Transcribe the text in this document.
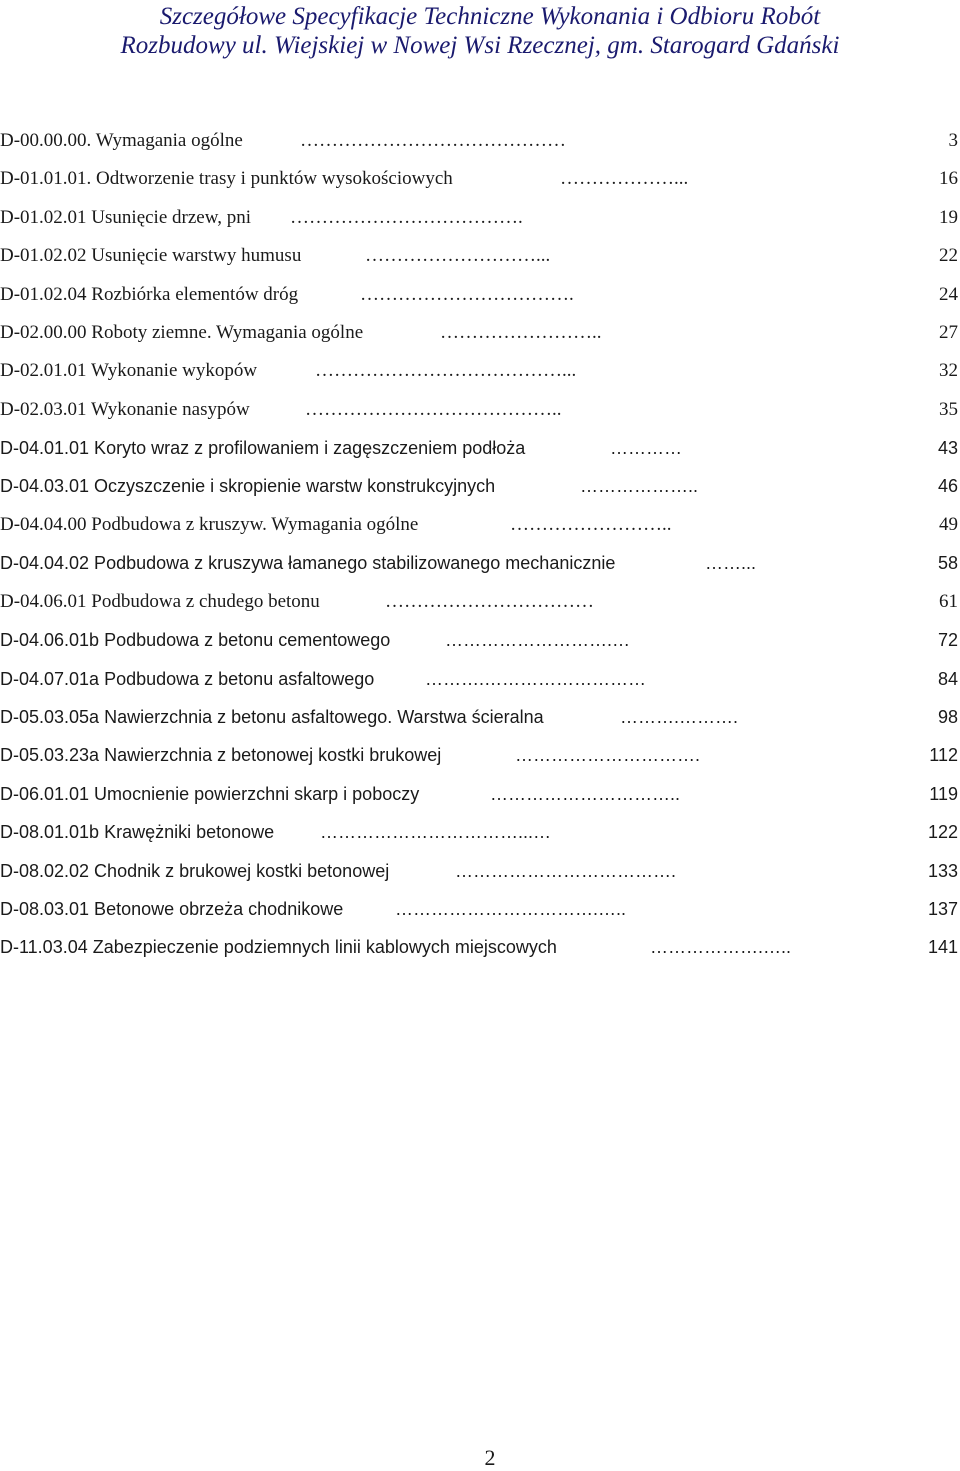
Szczegółowe Specyfikacje Techniczne Wykonania i Odbioru Robót
Rozbudowy ul. Wiejskiej w Nowej Wsi Rzecznej, gm. Starogard Gdański
D-00.00.00. Wymagania ogólne	……………………………………	3
D-01.01.01. Odtworzenie trasy i punktów wysokościowych	………………...	16
D-01.02.01 Usunięcie drzew, pni ……………………………….	19
D-01.02.02 Usunięcie warstwy humusu	………………………...	22
D-01.02.04 Rozbiórka elementów dróg	…………………………….	24
D-02.00.00 Roboty ziemne. Wymagania ogólne	……………………..	27
D-02.01.01 Wykonanie wykopów	…………………………………...	32
D-02.03.01 Wykonanie nasypów	…………………………………..	35
D-04.01.01 Koryto wraz z profilowaniem i zagęszczeniem podłoża	…………	43
D-04.03.01 Oczyszczenie i skropienie warstw konstrukcyjnych	………………..	46
D-04.04.00 Podbudowa z kruszyw. Wymagania ogólne	……………………..	49
D-04.04.02 Podbudowa z kruszywa łamanego stabilizowanego mechanicznie	……...	58
D-04.06.01 Podbudowa z chudego betonu	……………………………	61
D-04.06.01b Podbudowa z betonu cementowego	……………………….…	72
D-04.07.01a Podbudowa z betonu asfaltowego	……….………………………	84
D-05.03.05a Nawierzchnia z betonu asfaltowego. Warstwa ścieralna	……….……….	98
D-05.03.23a Nawierzchnia z betonowej kostki brukowej	………………………….	112
D-06.01.01 Umocnienie powierzchni skarp i poboczy	…………………………..	119
D-08.01.01b Krawężniki betonowe	……………………………...…	122
D-08.02.02 Chodnik z brukowej kostki betonowej	……………………………….	133
D-08.03.01 Betonowe obrzeża chodnikowe	…………………………….…..	137
D-11.03.04 Zabezpieczenie podziemnych linii kablowych miejscowych	……………….…..	141
2
